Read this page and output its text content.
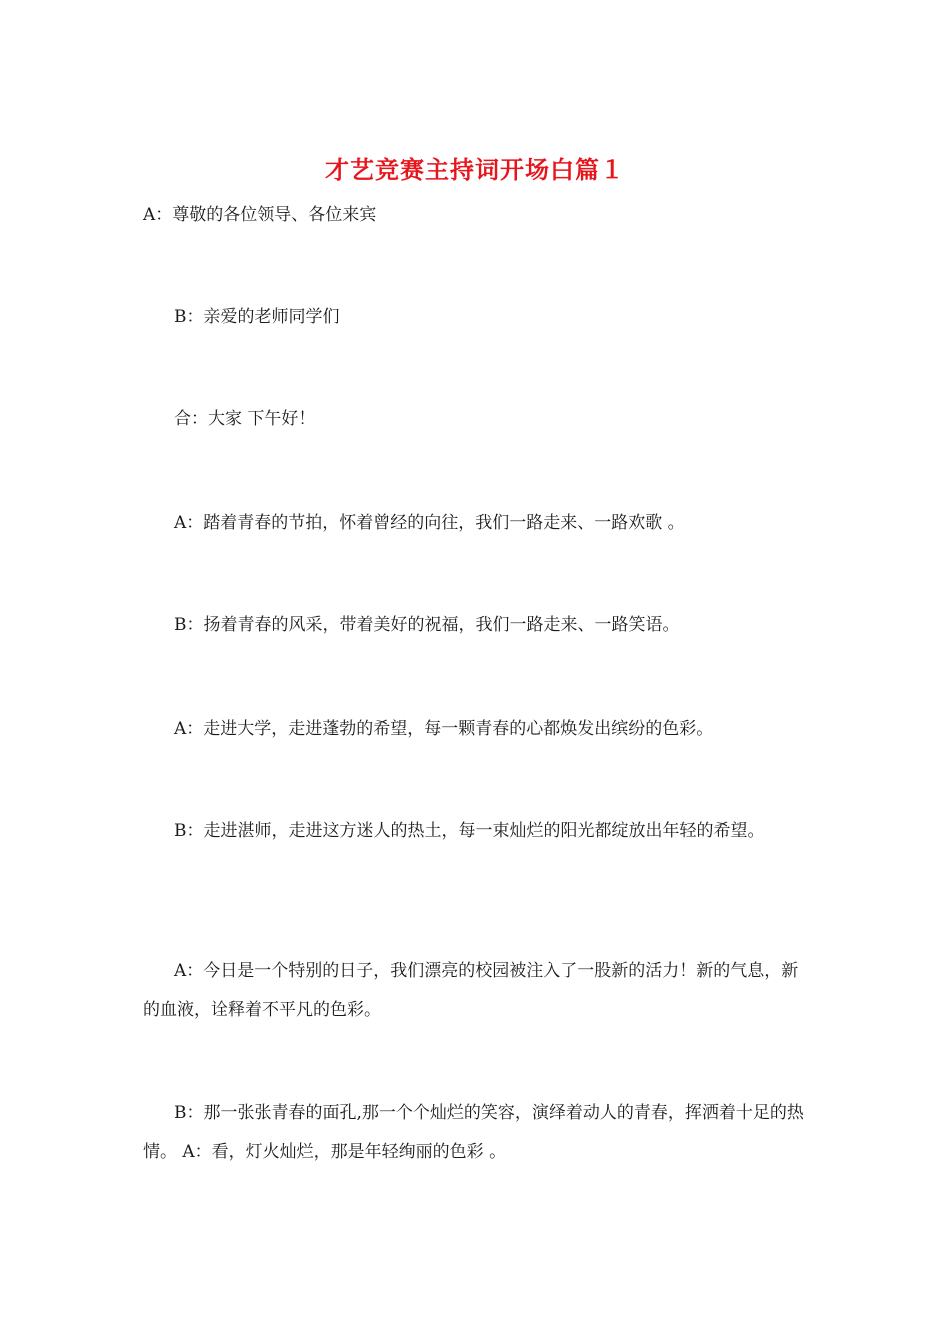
才艺竞赛主持词开场白篇１

A：尊敬的各位领导、各位来宾

B：亲爱的老师同学们

合：大家 下午好！

A：踏着青春的节拍，怀着曾经的向往，我们一路走来、一路欢歌 。

B：扬着青春的风采，带着美好的祝福，我们一路走来、一路笑语。

A：走进大学，走进蓬勃的希望，每一颗青春的心都焕发出缤纷的色彩。

B：走进湛师，走进这方迷人的热土，每一束灿烂的阳光都绽放出年轻的希望。

A：今日是一个特别的日子，我们漂亮的校园被注入了一股新的活力！新的气息，新的血液，诠释着不平凡的色彩。

B：那一张张青春的面孔,那一个个灿烂的笑容，演绎着动人的青春，挥洒着十足的热情。 A：看，灯火灿烂，那是年轻绚丽的色彩 。
